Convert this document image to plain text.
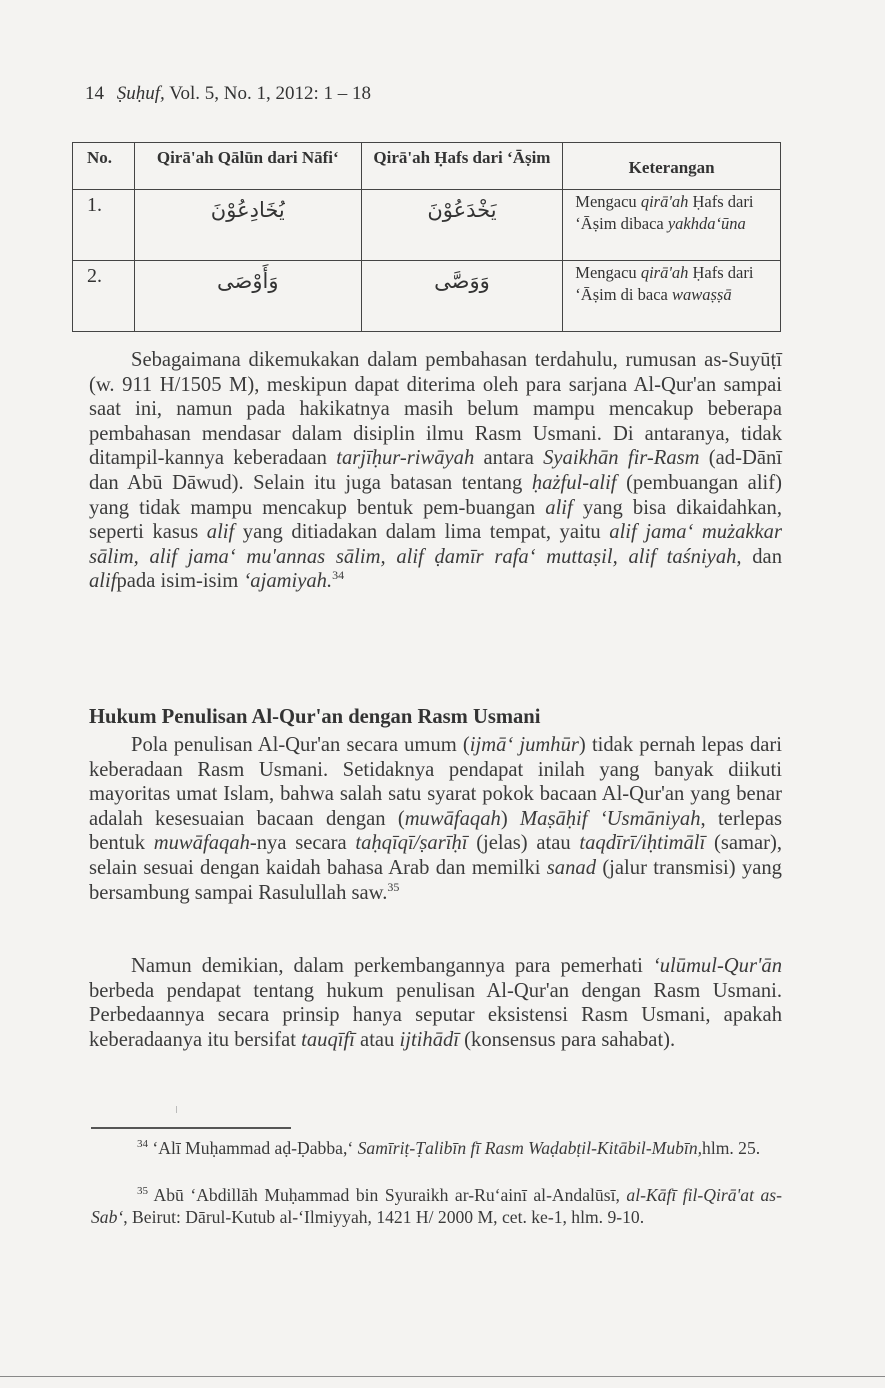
14 Ṣuḥuf, Vol. 5, No. 1, 2012: 1 – 18
No.	Qirā'ah Qālūn dari Nāfi‘	Qirā'ah Ḥafs dari ‘Āṣim	Keterangan
1.	يُخَادِعُوْنَ	يَخْدَعُوْنَ	Mengacu qirā'ah Ḥafs dari ‘Āṣim dibaca yakhda‘ūna
2.	وَأَوْصَى	وَوَصَّى	Mengacu qirā'ah Ḥafs dari ‘Āṣim di baca wawaṣṣā

Sebagaimana dikemukakan dalam pembahasan terdahulu, rumusan as-Suyūṭī (w. 911 H/1505 M), meskipun dapat diterima oleh para sarjana Al-Qur'an sampai saat ini, namun pada hakikatnya masih belum mampu mencakup beberapa pembahasan mendasar dalam disiplin ilmu Rasm Usmani. Di antaranya, tidak ditampil-kannya keberadaan tarjīḥur-riwāyah antara Syaikhān fir-Rasm (ad-Dānī dan Abū Dāwud). Selain itu juga batasan tentang ḥażful-alif (pembuangan alif) yang tidak mampu mencakup bentuk pem-buangan alif yang bisa dikaidahkan, seperti kasus alif yang ditiadakan dalam lima tempat, yaitu alif jama‘ mużakkar sālim, alif jama‘ mu'annas sālim, alif ḍamīr rafa‘ muttaṣil, alif taśniyah, dan alifpada isim-isim ‘ajamiyah.$^{34}$

Hukum Penulisan Al-Qur'an dengan Rasm Usmani

Pola penulisan Al-Qur'an secara umum (ijmā‘ jumhūr) tidak pernah lepas dari keberadaan Rasm Usmani. Setidaknya pendapat inilah yang banyak diikuti mayoritas umat Islam, bahwa salah satu syarat pokok bacaan Al-Qur'an yang benar adalah kesesuaian bacaan dengan (muwāfaqah) Maṣāḥif ‘Usmāniyah, terlepas bentuk muwāfaqah-nya secara taḥqīqī/ṣarīḥī (jelas) atau taqdīrī/iḥtimālī (samar), selain sesuai dengan kaidah bahasa Arab dan memilki sanad (jalur transmisi) yang bersambung sampai Rasulullah saw.$^{35}$

Namun demikian, dalam perkembangannya para pemerhati ‘ulūmul-Qur'ān berbeda pendapat tentang hukum penulisan Al-Qur'an dengan Rasm Usmani. Perbedaannya secara prinsip hanya seputar eksistensi Rasm Usmani, apakah keberadaanya itu bersifat tauqīfī atau ijtihādī (konsensus para sahabat).

$^{34}$ ‘Alī Muḥammad aḍ-Ḍabba,‘ Samīriṭ-Ṭalibīn fī Rasm Waḍabṭil-Kitābil-Mubīn,hlm. 25.

$^{35}$ Abū ‘Abdillāh Muḥammad bin Syuraikh ar-Ru‘ainī al-Andalūsī, al-Kāfī fil-Qirā'at as-Sab‘, Beirut: Dārul-Kutub al-‘Ilmiyyah, 1421 H/ 2000 M, cet. ke-1, hlm. 9-10.
